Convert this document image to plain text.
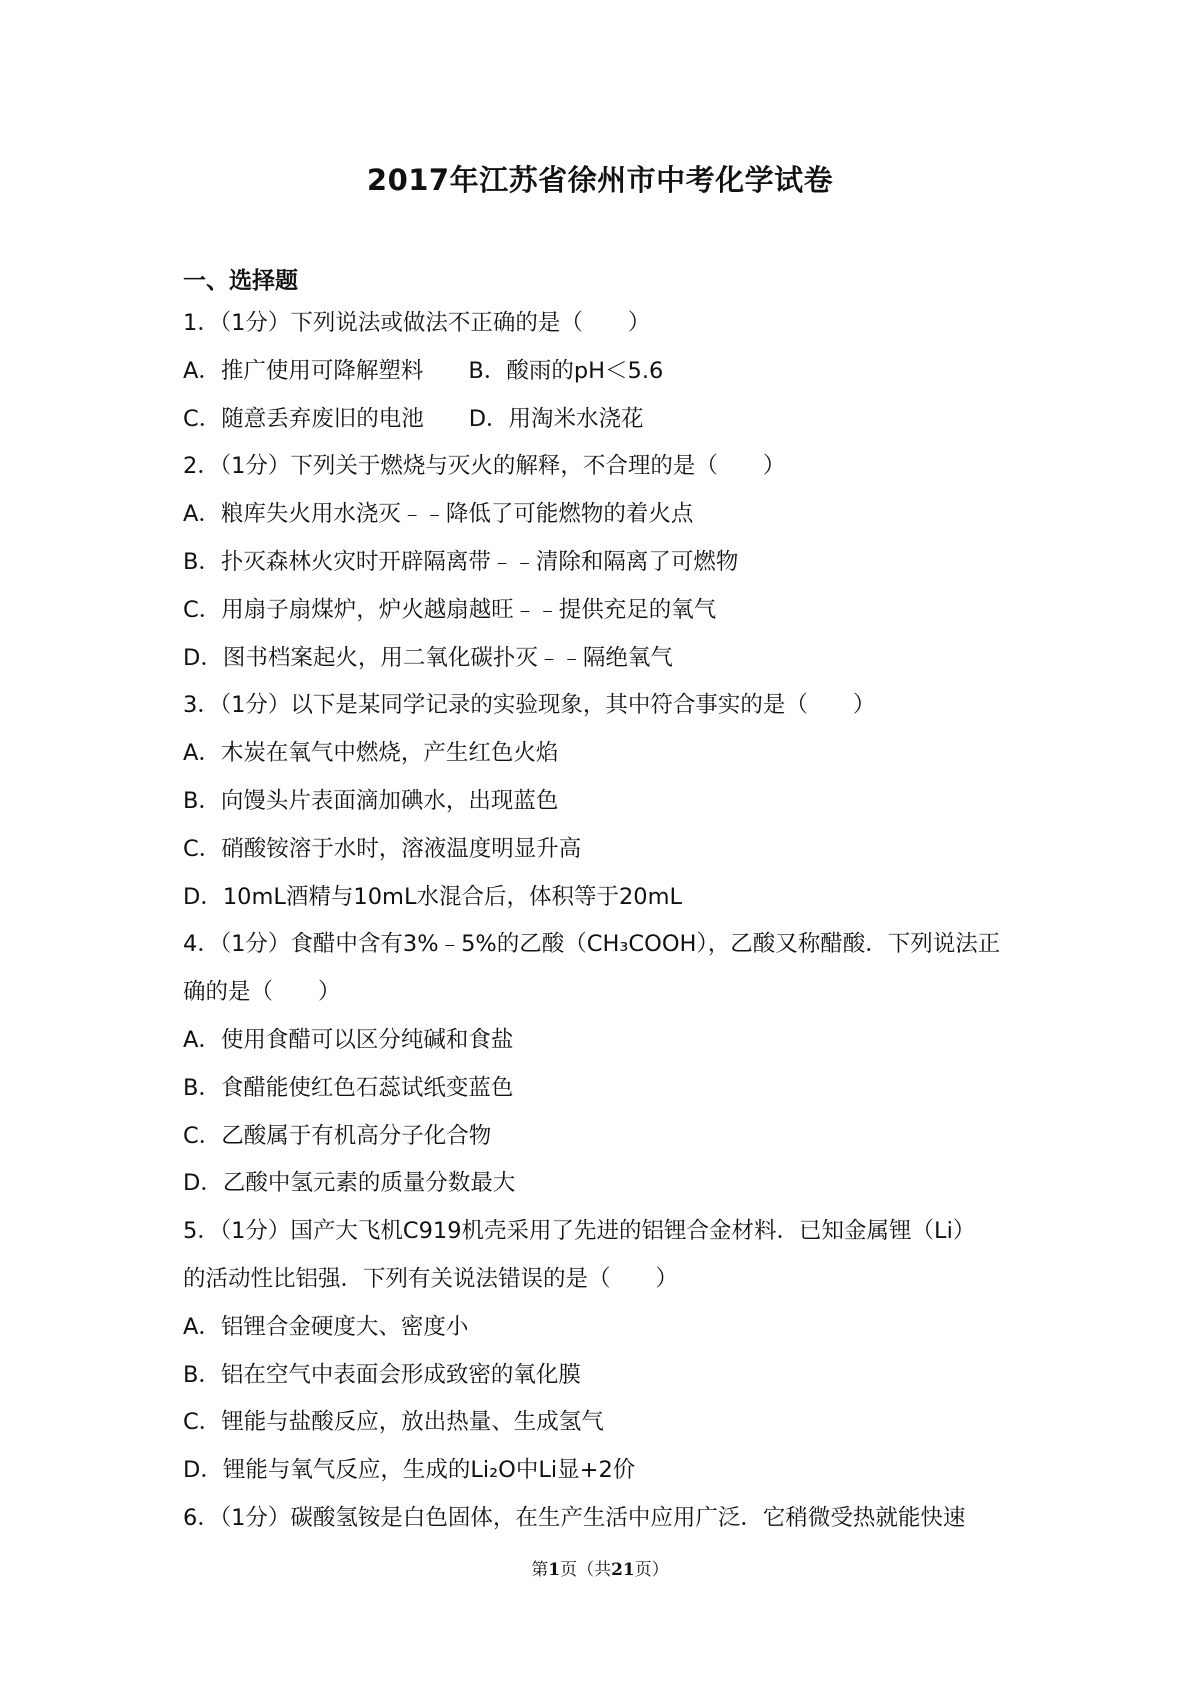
2017年江苏省徐州市中考化学试卷
一、选择题
1．（1分）下列说法或做法不正确的是（　　）
A．推广使用可降解塑料　　B．酸雨的pH＜5.6
C．随意丢弃废旧的电池　　D．用淘米水浇花
2．（1分）下列关于燃烧与灭火的解释，不合理的是（　　）
A．粮库失火用水浇灭﹣﹣降低了可能燃物的着火点
B．扑灭森林火灾时开辟隔离带﹣﹣清除和隔离了可燃物
C．用扇子扇煤炉，炉火越扇越旺﹣﹣提供充足的氧气
D．图书档案起火，用二氧化碳扑灭﹣﹣隔绝氧气
3．（1分）以下是某同学记录的实验现象，其中符合事实的是（　　）
A．木炭在氧气中燃烧，产生红色火焰
B．向馒头片表面滴加碘水，出现蓝色
C．硝酸铵溶于水时，溶液温度明显升高
D．10mL酒精与10mL水混合后，体积等于20mL
4．（1分）食醋中含有3%﹣5%的乙酸（CH₃COOH），乙酸又称醋酸．下列说法正
确的是（　　）
A．使用食醋可以区分纯碱和食盐
B．食醋能使红色石蕊试纸变蓝色
C．乙酸属于有机高分子化合物
D．乙酸中氢元素的质量分数最大
5．（1分）国产大飞机C919机壳采用了先进的铝锂合金材料．已知金属锂（Li）
的活动性比铝强．下列有关说法错误的是（　　）
A．铝锂合金硬度大、密度小
B．铝在空气中表面会形成致密的氧化膜
C．锂能与盐酸反应，放出热量、生成氢气
D．锂能与氧气反应，生成的Li₂O中Li显+2价
6．（1分）碳酸氢铵是白色固体，在生产生活中应用广泛．它稍微受热就能快速
第1页（共21页）
